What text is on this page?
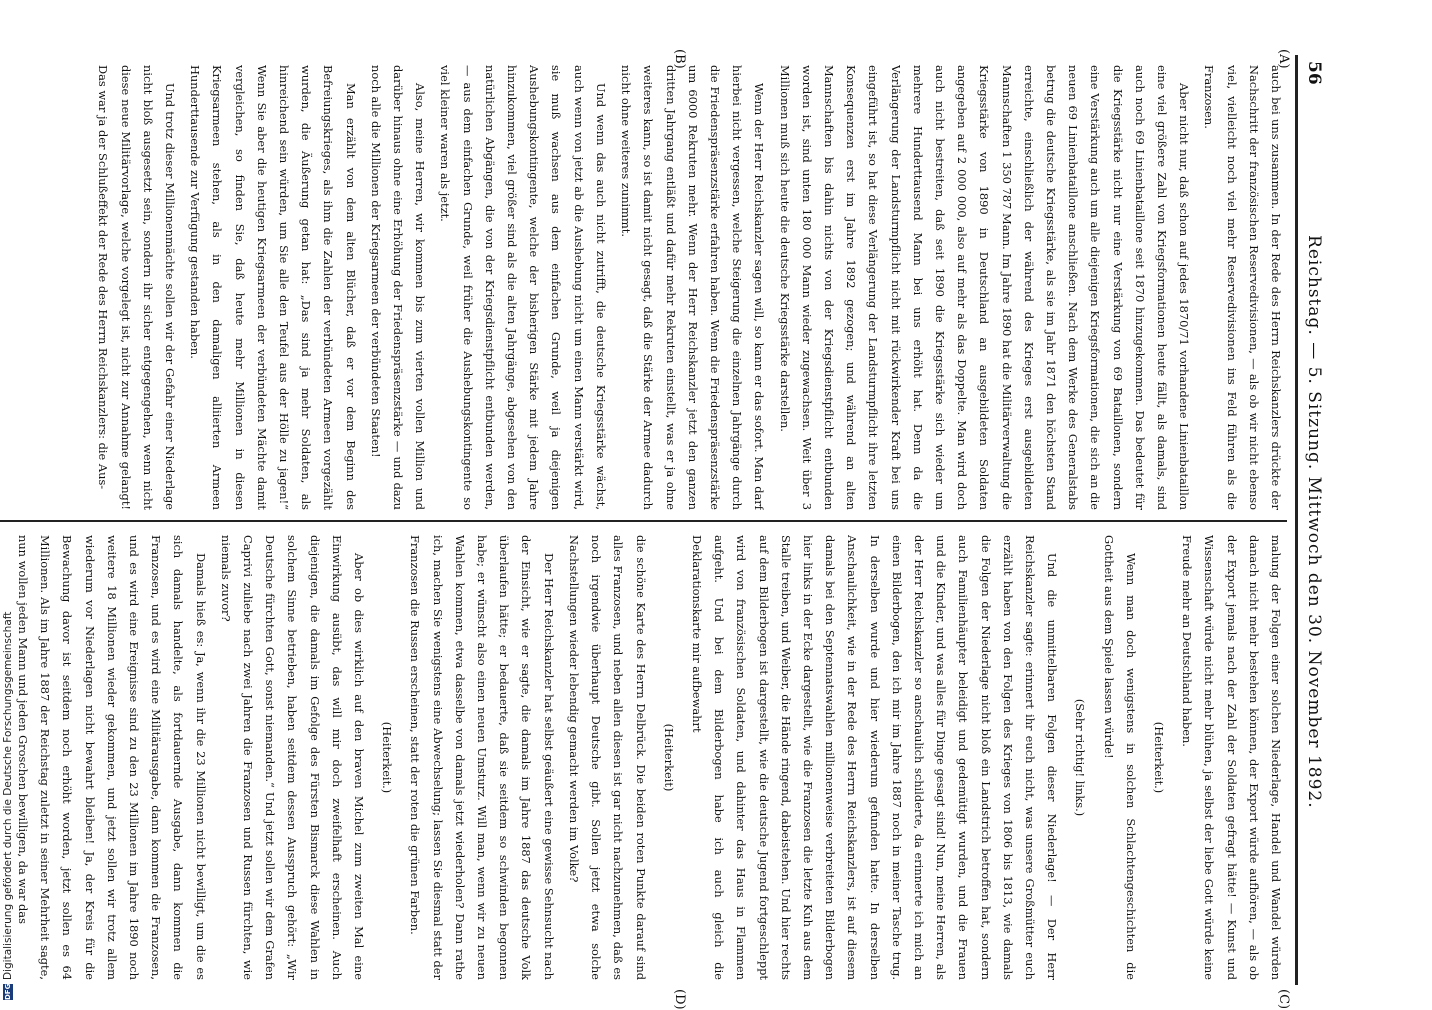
56
Reichstag. — 5. Sitzung. Mittwoch den 30. November 1892.
(A)
(B)
(C)
(D)

auch bei uns zusammen. In der Rede des Herrn Reichskanzlers drückte der Nachschritt der französischen Reservedivisionen, — als ob wir nicht ebenso viel, vielleicht noch viel mehr Reservedivisionen ins Feld führen als die Franzosen.

Aber nicht nur, daß schon auf jedes 1870/71 vorhandene Linienbataillon eine viel größere Zahl von Kriegsformationen heute fällt, als damals, sind auch noch 69 Linienbataillone seit 1870 hinzugekommen. Das bedeutet für die Kriegsstärke nicht nur eine Verstärkung von 69 Bataillonen, sondern eine Verstärkung auch um alle diejenigen Kriegsformationen, die sich an die neuen 69 Linienbataillone anschließen. Nach dem Werke des Generalstabs betrug die deutsche Kriegsstärke, als sie im Jahr 1871 den höchsten Stand erreichte, einschließlich der während des Krieges erst ausgebildeten Mannschaften 1 350 787 Mann. Im Jahre 1890 hat die Militärverwaltung die Kriegsstärke von 1890 in Deutschland an ausgebildeten Soldaten angegeben auf 2 000 000, also auf mehr als das Doppelte. Man wird doch auch nicht bestreiten, daß seit 1890 die Kriegsstärke sich wieder um mehrere Hunderttausend Mann bei uns erhöht hat. Denn da die Verlängerung der Landsturmpflicht nicht mit rückwirkender Kraft bei uns eingeführt ist, so hat diese Verlängerung der Landsturmpflicht ihre letzten Konsequenzen erst im Jahre 1892 gezogen; und während an alten Mannschaften bis dahin nichts von der Kriegsdienstpflicht entbunden worden ist, sind unten 180 000 Mann wieder zugewachsen. Weit über 3 Millionen muß sich heute die deutsche Kriegsstärke darstellen.

Wenn der Herr Reichskanzler sagen will, so kann er das sofort. Man darf hierbei nicht vergessen, welche Steigerung die einzelnen Jahrgänge durch die Friedenspräsenzstärke erfahren haben. Wenn die Friedenspräsenzstärke um 6000 Rekruten mehr. Wenn der Herr Reichskanzler jetzt den ganzen dritten Jahrgang entläßt und dafür mehr Rekruten einstellt, was er ja ohne weiteres kann, so ist damit nicht gesagt, daß die Stärke der Armee dadurch nicht ohne weiteres zunimmt.

Und wenn das auch nicht zutrifft, die deutsche Kriegsstärke wächst, auch wenn von jetzt ab die Aushebung nicht um einen Mann verstärkt wird, sie muß wachsen aus dem einfachen Grunde, weil ja diejenigen Aushebungskontingente, welche der bisherigen Stärke mit jedem Jahre hinzukommen, viel größer sind als die alten Jahrgänge, abgesehen von den natürlichen Abgängen, die von der Kriegsdienstpflicht entbunden werden, — aus dem einfachen Grunde, weil früher die Aushebungskontingente so viel kleiner waren als jetzt.

Also, meine Herren, wir kommen bis zum vierten vollen Million und darüber hinaus ohne eine Erhöhung der Friedenspräsenzstärke — und dazu noch alle die Millionen der Kriegsarmeen der verbündeten Staaten!

Man erzählt von dem alten Blücher, daß er vor dem Beginn des Befreiungskrieges, als ihm die Zahlen der verbündeten Armeen vorgezählt wurden, die Äußerung getan hat: „Das sind ja mehr Soldaten, als hinreichend sein würden, um Sie alle den Teufel aus der Hölle zu jagen!“ Wenn Sie aber die heutigen Kriegsarmeen der verbündeten Mächte damit vergleichen, so finden Sie, daß heute mehr Millionen in diesen Kriegsarmeen stehen, als in den damaligen alliierten Armeen Hunderttausende zur Verfügung gestanden haben.

Und trotz dieser Millionenmächte sollen wir der Gefahr einer Niederlage nicht bloß ausgesetzt sein, sondern ihr sicher entgegengehen, wenn nicht diese neue Militärvorlage, welche vorgelegt ist, nicht zur Annahme gelangt! Das war ja der Schlußeffekt der Rede des Herrn Reichskanzlers: die Aus-

malung der Folgen einer solchen Niederlage, Handel und Wandel würden danach nicht mehr bestehen können, der Export würde aufhören, — als ob der Export jemals nach der Zahl der Soldaten gefragt hätte! — Kunst und Wissenschaft würde nicht mehr blühen, ja selbst der liebe Gott würde keine Freude mehr an Deutschland haben.

(Heiterkeit.)

Wenn man doch wenigstens in solchen Schlachtengeschichten die Gottheit aus dem Spiele lassen würde!

(Sehr richtig! links.)

Und die unmittelbaren Folgen dieser Niederlage! — Der Herr Reichskanzler sagte: erinnert ihr euch nicht, was unsere Großmütter euch erzählt haben von den Folgen des Krieges von 1806 bis 1813, wie damals die Folgen der Niederlage nicht bloß ein Landstrich betroffen hat, sondern auch Familienhäupter beleidigt und gedemütigt wurden, und die Frauen und die Kinder, und was alles für Dinge gesagt sind! Nun, meine Herren, als der Herr Reichskanzler so anschaulich schilderte, da erinnerte ich mich an einen Bilderbogen, den ich mir im Jahre 1887 noch in meiner Tasche trug. In derselben wurde und hier wiederum gefunden hatte. In derselben Anschaulichkeit, wie in der Rede des Herrn Reichskanzlers, ist auf diesem damals bei den Septennatswahlen millionenweise verbreiteten Bilderbogen hier links in der Ecke dargestellt, wie die Franzosen die letzte Kuh aus dem Stalle treiben, und Weiber, die Hände ringend, dabeistehen. Und hier rechts auf dem Bilderbogen ist dargestellt, wie die deutsche Jugend fortgeschleppt wird von französischen Soldaten, und dahinter das Haus in Flammen aufgeht. Und bei dem Bilderbogen habe ich auch gleich die Deklarationskarte mir aufbewahrt

(Heiterkeit)

die schöne Karte des Herrn Delbrück. Die beiden roten Punkte darauf sind alles Franzosen, und neben allen diesen ist gar nicht nachzunehmen, daß es noch irgendwie überhaupt Deutsche gibt. Sollen jetzt etwa solche Nachstellungen wieder lebendig gemacht werden im Volke?

Der Herr Reichskanzler hat selbst geäußert eine gewisse Sehnsucht nach der Einsicht, wie er sagte, die damals im Jahre 1887 das deutsche Volk überlaufen hätte; er bedauerte, daß sie seitdem so schwinden begonnen habe; er wünscht also einen neuen Umsturz. Will man, wenn wir zu neuen Wahlen kommen, etwa dasselbe von damals jetzt wiederholen? Dann rathe ich, machen Sie wenigstens eine Abwechselung; lassen Sie diesmal statt der Franzosen die Russen erscheinen, statt der roten die grünen Farben.

(Heiterkeit.)

Aber ob dies wirklich auf den braven Michel zum zweiten Mal eine Einwirkung ausübt, das will mir doch zweifelhaft erscheinen. Auch diejenigen, die damals im Gefolge des Fürsten Bismarck diese Wahlen in solchem Sinne betrieben, haben seitdem dessen Ausspruch gehört: „Wir Deutsche fürchten Gott, sonst niemanden.“ Und jetzt sollen wir dem Grafen Caprivi zuliebe nach zwei Jahren die Franzosen und Russen fürchten, wie niemals zuvor?

Damals hieß es: Ja, wenn ihr die 23 Millionen nicht bewilligt, um die es sich damals handelte, als fortdauernde Ausgabe, dann kommen die Franzosen, und es wird eine Militärausgabe, dann kommen die Franzosen, und es wird eine Ereignisse sind zu den 23 Millionen im Jahre 1890 noch weitere 18 Millionen wieder gekommen, und jetzt sollen wir trotz allem wiederum vor Niederlagen nicht bewahrt bleiben! Ja, der Kreis für die Bewachung davor ist seitdem noch erhöht worden, jetzt sollen es 64 Millionen. Als im Jahre 1887 der Reichstag zuletzt in seiner Mehrheit sagte, nun wollen jeden Mann und jeden Groschen bewilligen, da war das

DFG
Digitalisierung gefördert durch die Deutsche Forschungsgemeinschaft
